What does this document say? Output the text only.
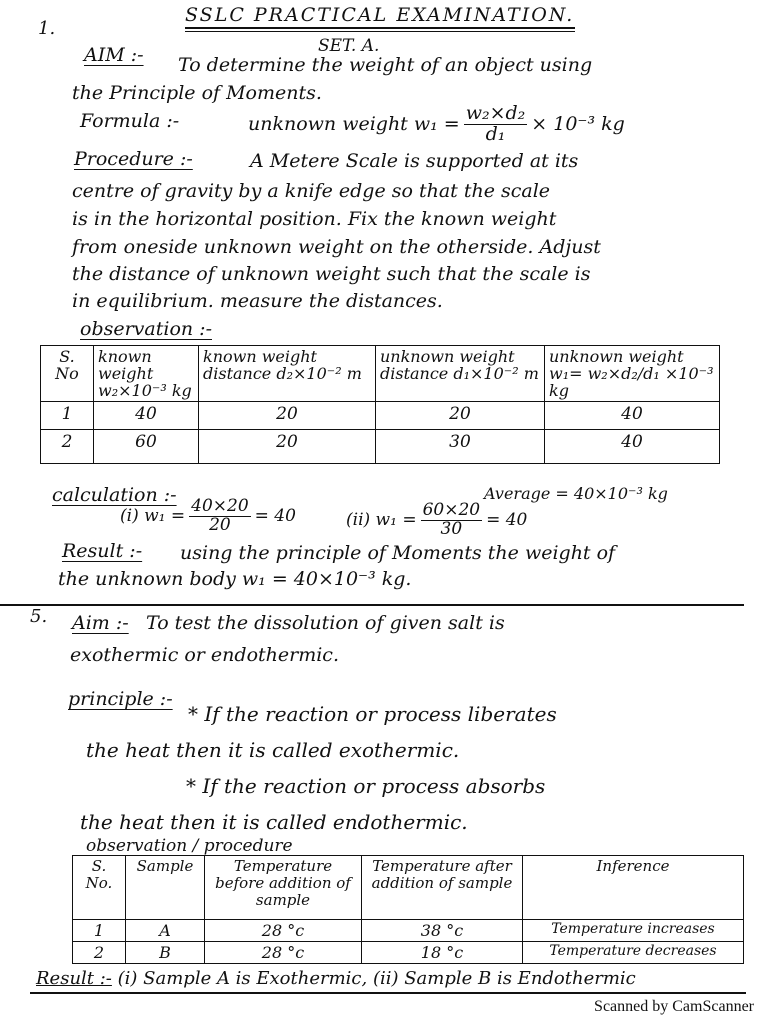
1.
SSLC PRACTICAL EXAMINATION.
SET. A.
AIM :- To determine the weight of an object using
the Principle of Moments.
Formula :-	unknown weight $w_1 = \frac{\text{w₂×d₂}}{\text{d₁}} \times 10^{-3}$ kg
Procedure :-	A Metere Scale is supported at its
centre of gravity by a knife edge so that the scale
is in the horizontal position. Fix the known weight
from oneside unknown weight on the otherside. Adjust
the distance of unknown weight such that the scale is
in equilibrium. measure the distances.
observation :-
S. No	known weight w₂×10⁻³ kg	known weight distance d₂×10⁻² m	unknown weight distance d₁×10⁻² m	unknown weight w₁= w₂×d₂/d₁ ×10⁻³ kg
1	40	20	20	40
2	60	20	30	40
calculation :-	Average = 40×10⁻³ kg
(i) $w_1 = \frac{40\times 20}{20} = 40$	(ii) $w_1 = \frac{60\times 20}{30} = 40$
Result :- using the principle of Moments the weight of
the unknown body w₁ = 40×10⁻³ kg.
5. Aim :- To test the dissolution of given salt is
exothermic or endothermic.
principle :-
* If the reaction or process liberates
the heat then it is called exothermic.
* If the reaction or process absorbs
the heat then it is called endothermic.
observation / procedure
S. No.	Sample	Temperature before addition of sample	Temperature after addition of sample	Inference
1	A	28 °c	38 °c	Temperature increases
2	B	28 °c	18 °c	Temperature decreases
Result :- (i) Sample A is Exothermic, (ii) Sample B is Endothermic
Scanned by CamScanner
